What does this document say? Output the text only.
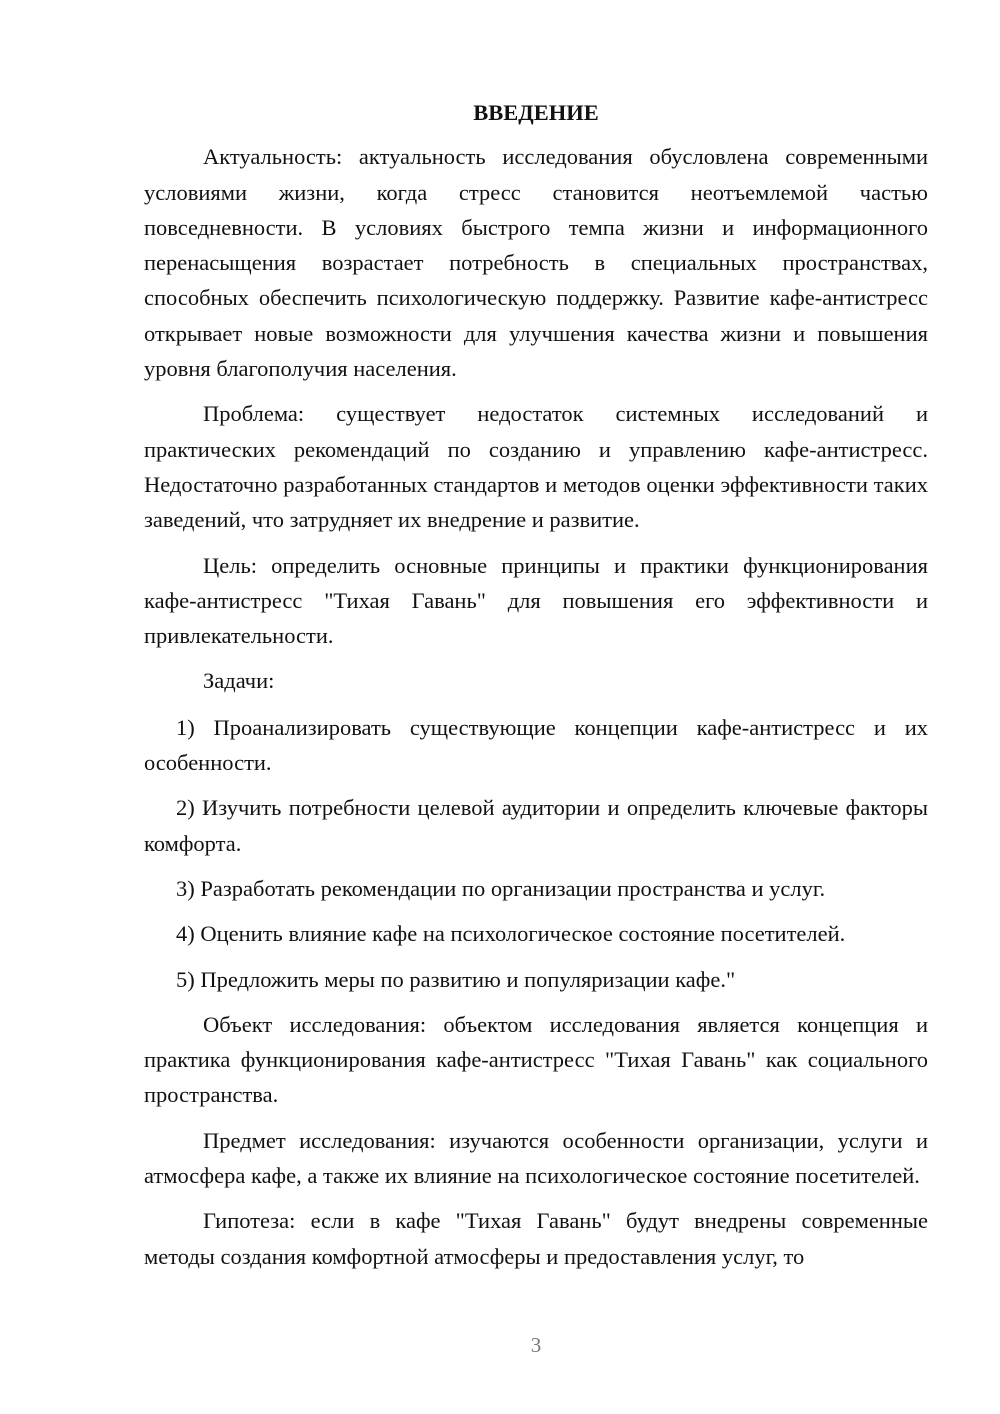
ВВЕДЕНИЕ

Актуальность: актуальность исследования обусловлена современными условиями жизни, когда стресс становится неотъемлемой частью повседневности. В условиях быстрого темпа жизни и информационного перенасыщения возрастает потребность в специальных пространствах, способных обеспечить психологическую поддержку. Развитие кафе-антистресс открывает новые возможности для улучшения качества жизни и повышения уровня благополучия населения.

Проблема: существует недостаток системных исследований и практических рекомендаций по созданию и управлению кафе-антистресс. Недостаточно разработанных стандартов и методов оценки эффективности таких заведений, что затрудняет их внедрение и развитие.

Цель: определить основные принципы и практики функционирования кафе-антистресс "Тихая Гавань" для повышения его эффективности и привлекательности.

Задачи:

1) Проанализировать существующие концепции кафе-антистресс и их особенности.

2) Изучить потребности целевой аудитории и определить ключевые факторы комфорта.

3) Разработать рекомендации по организации пространства и услуг.

4) Оценить влияние кафе на психологическое состояние посетителей.

5) Предложить меры по развитию и популяризации кафе."

Объект исследования: объектом исследования является концепция и практика функционирования кафе-антистресс "Тихая Гавань" как социального пространства.

Предмет исследования: изучаются особенности организации, услуги и атмосфера кафе, а также их влияние на психологическое состояние посетителей.

Гипотеза: если в кафе "Тихая Гавань" будут внедрены современные методы создания комфортной атмосферы и предоставления услуг, то

3
